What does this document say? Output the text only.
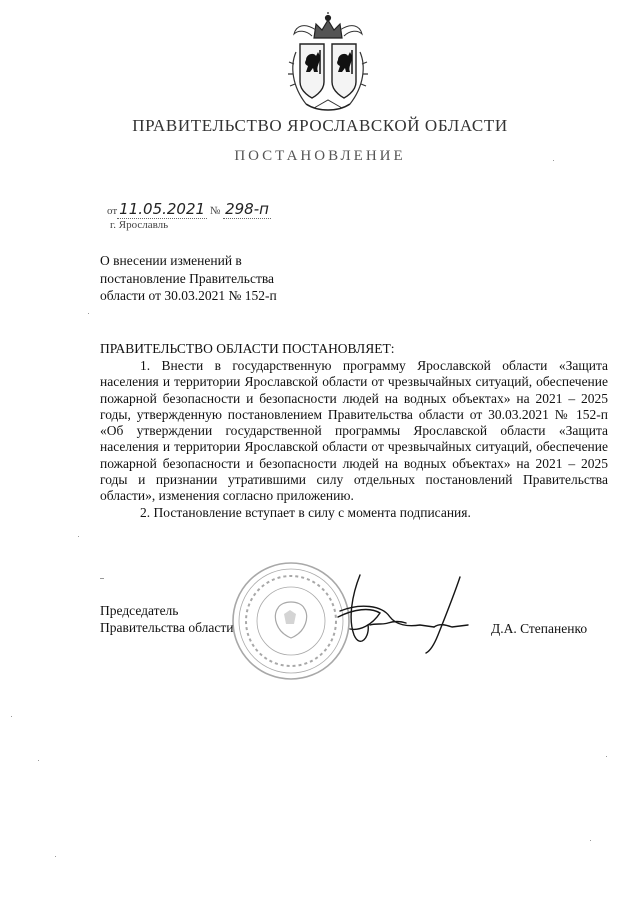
ПРАВИТЕЛЬСТВО ЯРОСЛАВСКОЙ ОБЛАСТИ
ПОСТАНОВЛЕНИЕ
от 11.05.2021 № 298-п
г. Ярославль
О внесении изменений в
постановление Правительства
области от 30.03.2021 № 152-п
ПРАВИТЕЛЬСТВО ОБЛАСТИ ПОСТАНОВЛЯЕТ:

1. Внести в государственную программу Ярославской области «Защита населения и территории Ярославской области от чрезвычайных ситуаций, обеспечение пожарной безопасности и безопасности людей на водных объектах» на 2021 – 2025 годы, утвержденную постановлением Правительства области от 30.03.2021 № 152-п «Об утверждении государственной программы Ярославской области «Защита населения и территории Ярославской области от чрезвычайных ситуаций, обеспечение пожарной безопасности и безопасности людей на водных объектах» на 2021 – 2025 годы и признании утратившими силу отдельных постановлений Правительства области», изменения согласно приложению.

2. Постановление вступает в силу с момента подписания.

Председатель
Правительства области	Д.А. Степаненко
